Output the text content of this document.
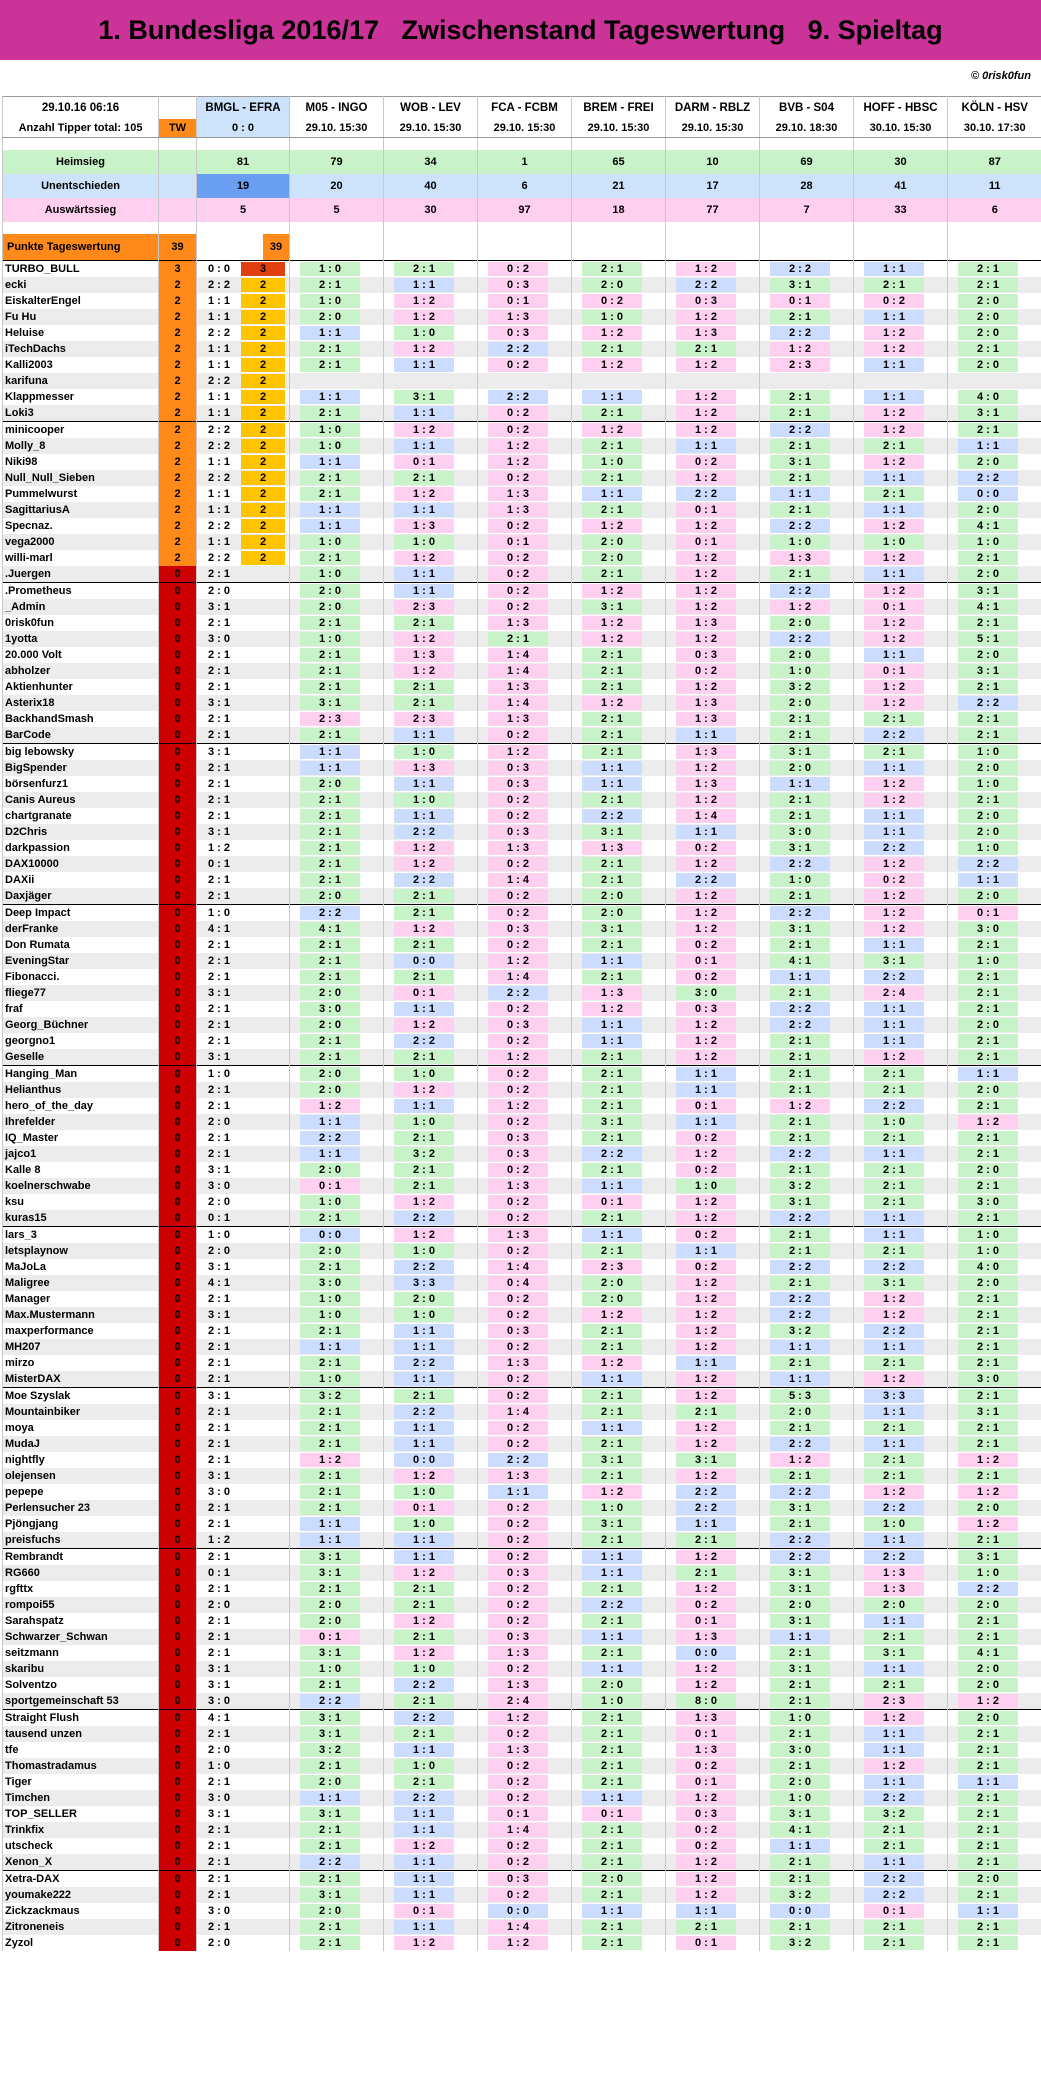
1. Bundesliga 2016/17   Zwischenstand Tageswertung   9. Spieltag
© 0risk0fun
29.10.16 06:16		BMGL - EFRA	M05 - INGO	WOB - LEV	FCA - FCBM	BREM - FREI	DARM - RBLZ	BVB - S04	HOFF - HBSC	KÖLN - HSV
Anzahl Tipper total: 105	TW	0 : 0	29.10. 15:30	29.10. 15:30	29.10. 15:30	29.10. 15:30	29.10. 15:30	29.10. 18:30	30.10. 15:30	30.10. 17:30

Heimsieg		81	79	34	1	65	10	69	30	87
Unentschieden		19	20	40	6	21	17	28	41	11
Auswärtssieg		5	5	30	97	18	77	7	33	6

Punkte Tageswertung	39	39								

TURBO_BULL	3	0 : 0 3	1 : 0	2 : 1	0 : 2	2 : 1	1 : 2	2 : 2	1 : 1	2 : 1

ecki	2	2 : 2 2	2 : 1	1 : 1	0 : 3	2 : 0	2 : 2	3 : 1	2 : 1	2 : 1

EiskalterEngel	2	1 : 1 2	1 : 0	1 : 2	0 : 1	0 : 2	0 : 3	0 : 1	0 : 2	2 : 0

Fu Hu	2	1 : 1 2	2 : 0	1 : 2	1 : 3	1 : 0	1 : 2	2 : 1	1 : 1	2 : 0

Heluise	2	2 : 2 2	1 : 1	1 : 0	0 : 3	1 : 2	1 : 3	2 : 2	1 : 2	2 : 0

iTechDachs	2	1 : 1 2	2 : 1	1 : 2	2 : 2	2 : 1	2 : 1	1 : 2	1 : 2	2 : 1

Kalli2003	2	1 : 1 2	2 : 1	1 : 1	0 : 2	1 : 2	1 : 2	2 : 3	1 : 1	2 : 0

karifuna	2	2 : 2 2								

Klappmesser	2	1 : 1 2	1 : 1	3 : 1	2 : 2	1 : 1	1 : 2	2 : 1	1 : 1	4 : 0

Loki3	2	1 : 1 2	2 : 1	1 : 1	0 : 2	2 : 1	1 : 2	2 : 1	1 : 2	3 : 1

minicooper	2	2 : 2 2	1 : 0	1 : 2	0 : 2	1 : 2	1 : 2	2 : 2	1 : 2	2 : 1

Molly_8	2	2 : 2 2	1 : 0	1 : 1	1 : 2	2 : 1	1 : 1	2 : 1	2 : 1	1 : 1

Niki98	2	1 : 1 2	1 : 1	0 : 1	1 : 2	1 : 0	0 : 2	3 : 1	1 : 2	2 : 0

Null_Null_Sieben	2	2 : 2 2	2 : 1	2 : 1	0 : 2	2 : 1	1 : 2	2 : 1	1 : 1	2 : 2

Pummelwurst	2	1 : 1 2	2 : 1	1 : 2	1 : 3	1 : 1	2 : 2	1 : 1	2 : 1	0 : 0

SagittariusA	2	1 : 1 2	1 : 1	1 : 1	1 : 3	2 : 1	0 : 1	2 : 1	1 : 1	2 : 0

Specnaz.	2	2 : 2 2	1 : 1	1 : 3	0 : 2	1 : 2	1 : 2	2 : 2	1 : 2	4 : 1

vega2000	2	1 : 1 2	1 : 0	1 : 0	0 : 1	2 : 0	0 : 1	1 : 0	1 : 0	1 : 0

willi-marl	2	2 : 2 2	2 : 1	1 : 2	0 : 2	2 : 0	1 : 2	1 : 3	1 : 2	2 : 1

.Juergen	0	2 : 1	1 : 0	1 : 1	0 : 2	2 : 1	1 : 2	2 : 1	1 : 1	2 : 0

.Prometheus	0	2 : 0	2 : 0	1 : 1	0 : 2	1 : 2	1 : 2	2 : 2	1 : 2	3 : 1

_Admin	0	3 : 1	2 : 0	2 : 3	0 : 2	3 : 1	1 : 2	1 : 2	0 : 1	4 : 1

0risk0fun	0	2 : 1	2 : 1	2 : 1	1 : 3	1 : 2	1 : 3	2 : 0	1 : 2	2 : 1

1yotta	0	3 : 0	1 : 0	1 : 2	2 : 1	1 : 2	1 : 2	2 : 2	1 : 2	5 : 1

20.000 Volt	0	2 : 1	2 : 1	1 : 3	1 : 4	2 : 1	0 : 3	2 : 0	1 : 1	2 : 0

abholzer	0	2 : 1	2 : 1	1 : 2	1 : 4	2 : 1	0 : 2	1 : 0	0 : 1	3 : 1

Aktienhunter	0	2 : 1	2 : 1	2 : 1	1 : 3	2 : 1	1 : 2	3 : 2	1 : 2	2 : 1

Asterix18	0	3 : 1	3 : 1	2 : 1	1 : 4	1 : 2	1 : 3	2 : 0	1 : 2	2 : 2

BackhandSmash	0	2 : 1	2 : 3	2 : 3	1 : 3	2 : 1	1 : 3	2 : 1	2 : 1	2 : 1

BarCode	0	2 : 1	2 : 1	1 : 1	0 : 2	2 : 1	1 : 1	2 : 1	2 : 2	2 : 1

big lebowsky	0	3 : 1	1 : 1	1 : 0	1 : 2	2 : 1	1 : 3	3 : 1	2 : 1	1 : 0

BigSpender	0	2 : 1	1 : 1	1 : 3	0 : 3	1 : 1	1 : 2	2 : 0	1 : 1	2 : 0

börsenfurz1	0	2 : 1	2 : 0	1 : 1	0 : 3	1 : 1	1 : 3	1 : 1	1 : 2	1 : 0

Canis Aureus	0	2 : 1	2 : 1	1 : 0	0 : 2	2 : 1	1 : 2	2 : 1	1 : 2	2 : 1

chartgranate	0	2 : 1	2 : 1	1 : 1	0 : 2	2 : 2	1 : 4	2 : 1	1 : 1	2 : 0

D2Chris	0	3 : 1	2 : 1	2 : 2	0 : 3	3 : 1	1 : 1	3 : 0	1 : 1	2 : 0

darkpassion	0	1 : 2	2 : 1	1 : 2	1 : 3	1 : 3	0 : 2	3 : 1	2 : 2	1 : 0

DAX10000	0	0 : 1	2 : 1	1 : 2	0 : 2	2 : 1	1 : 2	2 : 2	1 : 2	2 : 2

DAXii	0	2 : 1	2 : 1	2 : 2	1 : 4	2 : 1	2 : 2	1 : 0	0 : 2	1 : 1

Daxjäger	0	2 : 1	2 : 0	2 : 1	0 : 2	2 : 0	1 : 2	2 : 1	1 : 2	2 : 0

Deep Impact	0	1 : 0	2 : 2	2 : 1	0 : 2	2 : 0	1 : 2	2 : 2	1 : 2	0 : 1

derFranke	0	4 : 1	4 : 1	1 : 2	0 : 3	3 : 1	1 : 2	3 : 1	1 : 2	3 : 0

Don Rumata	0	2 : 1	2 : 1	2 : 1	0 : 2	2 : 1	0 : 2	2 : 1	1 : 1	2 : 1

EveningStar	0	2 : 1	2 : 1	0 : 0	1 : 2	1 : 1	0 : 1	4 : 1	3 : 1	1 : 0

Fibonacci.	0	2 : 1	2 : 1	2 : 1	1 : 4	2 : 1	0 : 2	1 : 1	2 : 2	2 : 1

fliege77	0	3 : 1	2 : 0	0 : 1	2 : 2	1 : 3	3 : 0	2 : 1	2 : 4	2 : 1

fraf	0	2 : 1	3 : 0	1 : 1	0 : 2	1 : 2	0 : 3	2 : 2	1 : 1	2 : 1

Georg_Büchner	0	2 : 1	2 : 0	1 : 2	0 : 3	1 : 1	1 : 2	2 : 2	1 : 1	2 : 0

georgno1	0	2 : 1	2 : 1	2 : 2	0 : 2	1 : 1	1 : 2	2 : 1	1 : 1	2 : 1

Geselle	0	3 : 1	2 : 1	2 : 1	1 : 2	2 : 1	1 : 2	2 : 1	1 : 2	2 : 1

Hanging_Man	0	1 : 0	2 : 0	1 : 0	0 : 2	2 : 1	1 : 1	2 : 1	2 : 1	1 : 1

Helianthus	0	2 : 1	2 : 0	1 : 2	0 : 2	2 : 1	1 : 1	2 : 1	2 : 1	2 : 0

hero_of_the_day	0	2 : 1	1 : 2	1 : 1	1 : 2	2 : 1	0 : 1	1 : 2	2 : 2	2 : 1

Ihrefelder	0	2 : 0	1 : 1	1 : 0	0 : 2	3 : 1	1 : 1	2 : 1	1 : 0	1 : 2

IQ_Master	0	2 : 1	2 : 2	2 : 1	0 : 3	2 : 1	0 : 2	2 : 1	2 : 1	2 : 1

jajco1	0	2 : 1	1 : 1	3 : 2	0 : 3	2 : 2	1 : 2	2 : 2	1 : 1	2 : 1

Kalle 8	0	3 : 1	2 : 0	2 : 1	0 : 2	2 : 1	0 : 2	2 : 1	2 : 1	2 : 0

koelnerschwabe	0	3 : 0	0 : 1	2 : 1	1 : 3	1 : 1	1 : 0	3 : 2	2 : 1	2 : 1

ksu	0	2 : 0	1 : 0	1 : 2	0 : 2	0 : 1	1 : 2	3 : 1	2 : 1	3 : 0

kuras15	0	0 : 1	2 : 1	2 : 2	0 : 2	2 : 1	1 : 2	2 : 2	1 : 1	2 : 1

lars_3	0	1 : 0	0 : 0	1 : 2	1 : 3	1 : 1	0 : 2	2 : 1	1 : 1	1 : 0

letsplaynow	0	2 : 0	2 : 0	1 : 0	0 : 2	2 : 1	1 : 1	2 : 1	2 : 1	1 : 0

MaJoLa	0	3 : 1	2 : 1	2 : 2	1 : 4	2 : 3	0 : 2	2 : 2	2 : 2	4 : 0

Maligree	0	4 : 1	3 : 0	3 : 3	0 : 4	2 : 0	1 : 2	2 : 1	3 : 1	2 : 0

Manager	0	2 : 1	1 : 0	2 : 0	0 : 2	2 : 0	1 : 2	2 : 2	1 : 2	2 : 1

Max.Mustermann	0	3 : 1	1 : 0	1 : 0	0 : 2	1 : 2	1 : 2	2 : 2	1 : 2	2 : 1

maxperformance	0	2 : 1	2 : 1	1 : 1	0 : 3	2 : 1	1 : 2	3 : 2	2 : 2	2 : 1

MH207	0	2 : 1	1 : 1	1 : 1	0 : 2	2 : 1	1 : 2	1 : 1	1 : 1	2 : 1

mirzo	0	2 : 1	2 : 1	2 : 2	1 : 3	1 : 2	1 : 1	2 : 1	2 : 1	2 : 1

MisterDAX	0	2 : 1	1 : 0	1 : 1	0 : 2	1 : 1	1 : 2	1 : 1	1 : 2	3 : 0

Moe Szyslak	0	3 : 1	3 : 2	2 : 1	0 : 2	2 : 1	1 : 2	5 : 3	3 : 3	2 : 1

Mountainbiker	0	2 : 1	2 : 1	2 : 2	1 : 4	2 : 1	2 : 1	2 : 0	1 : 1	3 : 1

moya	0	2 : 1	2 : 1	1 : 1	0 : 2	1 : 1	1 : 2	2 : 1	2 : 1	2 : 1

MudaJ	0	2 : 1	2 : 1	1 : 1	0 : 2	2 : 1	1 : 2	2 : 2	1 : 1	2 : 1

nightfly	0	2 : 1	1 : 2	0 : 0	2 : 2	3 : 1	3 : 1	1 : 2	2 : 1	1 : 2

olejensen	0	3 : 1	2 : 1	1 : 2	1 : 3	2 : 1	1 : 2	2 : 1	2 : 1	2 : 1

pepepe	0	3 : 0	2 : 1	1 : 0	1 : 1	1 : 2	2 : 2	2 : 2	1 : 2	1 : 2

Perlensucher 23	0	2 : 1	2 : 1	0 : 1	0 : 2	1 : 0	2 : 2	3 : 1	2 : 2	2 : 0

Pjöngjang	0	2 : 1	1 : 1	1 : 0	0 : 2	3 : 1	1 : 1	2 : 1	1 : 0	1 : 2

preisfuchs	0	1 : 2	1 : 1	1 : 1	0 : 2	2 : 1	2 : 1	2 : 2	1 : 1	2 : 1

Rembrandt	0	2 : 1	3 : 1	1 : 1	0 : 2	1 : 1	1 : 2	2 : 2	2 : 2	3 : 1

RG660	0	0 : 1	3 : 1	1 : 2	0 : 3	1 : 1	2 : 1	3 : 1	1 : 3	1 : 0

rgfttx	0	2 : 1	2 : 1	2 : 1	0 : 2	2 : 1	1 : 2	3 : 1	1 : 3	2 : 2

rompoi55	0	2 : 0	2 : 0	2 : 1	0 : 2	2 : 2	0 : 2	2 : 0	2 : 0	2 : 0

Sarahspatz	0	2 : 1	2 : 0	1 : 2	0 : 2	2 : 1	0 : 1	3 : 1	1 : 1	2 : 1

Schwarzer_Schwan	0	2 : 1	0 : 1	2 : 1	0 : 3	1 : 1	1 : 3	1 : 1	2 : 1	2 : 1

seitzmann	0	2 : 1	3 : 1	1 : 2	1 : 3	2 : 1	0 : 0	2 : 1	3 : 1	4 : 1

skaribu	0	3 : 1	1 : 0	1 : 0	0 : 2	1 : 1	1 : 2	3 : 1	1 : 1	2 : 0

Solventzo	0	3 : 1	2 : 1	2 : 2	1 : 3	2 : 0	1 : 2	2 : 1	2 : 1	2 : 0

sportgemeinschaft 53	0	3 : 0	2 : 2	2 : 1	2 : 4	1 : 0	8 : 0	2 : 1	2 : 3	1 : 2

Straight Flush	0	4 : 1	3 : 1	2 : 2	1 : 2	2 : 1	1 : 3	1 : 0	1 : 2	2 : 0

tausend unzen	0	2 : 1	3 : 1	2 : 1	0 : 2	2 : 1	0 : 1	2 : 1	1 : 1	2 : 1

tfe	0	2 : 0	3 : 2	1 : 1	1 : 3	2 : 1	1 : 3	3 : 0	1 : 1	2 : 1

Thomastradamus	0	1 : 0	2 : 1	1 : 0	0 : 2	2 : 1	0 : 2	2 : 1	1 : 2	2 : 1

Tiger	0	2 : 1	2 : 0	2 : 1	0 : 2	2 : 1	0 : 1	2 : 0	1 : 1	1 : 1

Timchen	0	3 : 0	1 : 1	2 : 2	0 : 2	1 : 1	1 : 2	1 : 0	2 : 2	2 : 1

TOP_SELLER	0	3 : 1	3 : 1	1 : 1	0 : 1	0 : 1	0 : 3	3 : 1	3 : 2	2 : 1

Trinkfix	0	2 : 1	2 : 1	1 : 1	1 : 4	2 : 1	0 : 2	4 : 1	2 : 1	2 : 1

utscheck	0	2 : 1	2 : 1	1 : 2	0 : 2	2 : 1	0 : 2	1 : 1	2 : 1	2 : 1

Xenon_X	0	2 : 1	2 : 2	1 : 1	0 : 2	2 : 1	1 : 2	2 : 1	1 : 1	2 : 1

Xetra-DAX	0	2 : 1	2 : 1	1 : 1	0 : 3	2 : 0	1 : 2	2 : 1	2 : 2	2 : 0

youmake222	0	2 : 1	3 : 1	1 : 1	0 : 2	2 : 1	1 : 2	3 : 2	2 : 2	2 : 1

Zickzackmaus	0	3 : 0	2 : 0	0 : 1	0 : 0	1 : 1	1 : 1	0 : 0	0 : 1	1 : 1

Zitroneneis	0	2 : 1	2 : 1	1 : 1	1 : 4	2 : 1	2 : 1	2 : 1	2 : 1	2 : 1

Zyzol	0	2 : 0	2 : 1	1 : 2	1 : 2	2 : 1	0 : 1	3 : 2	2 : 1	2 : 1
